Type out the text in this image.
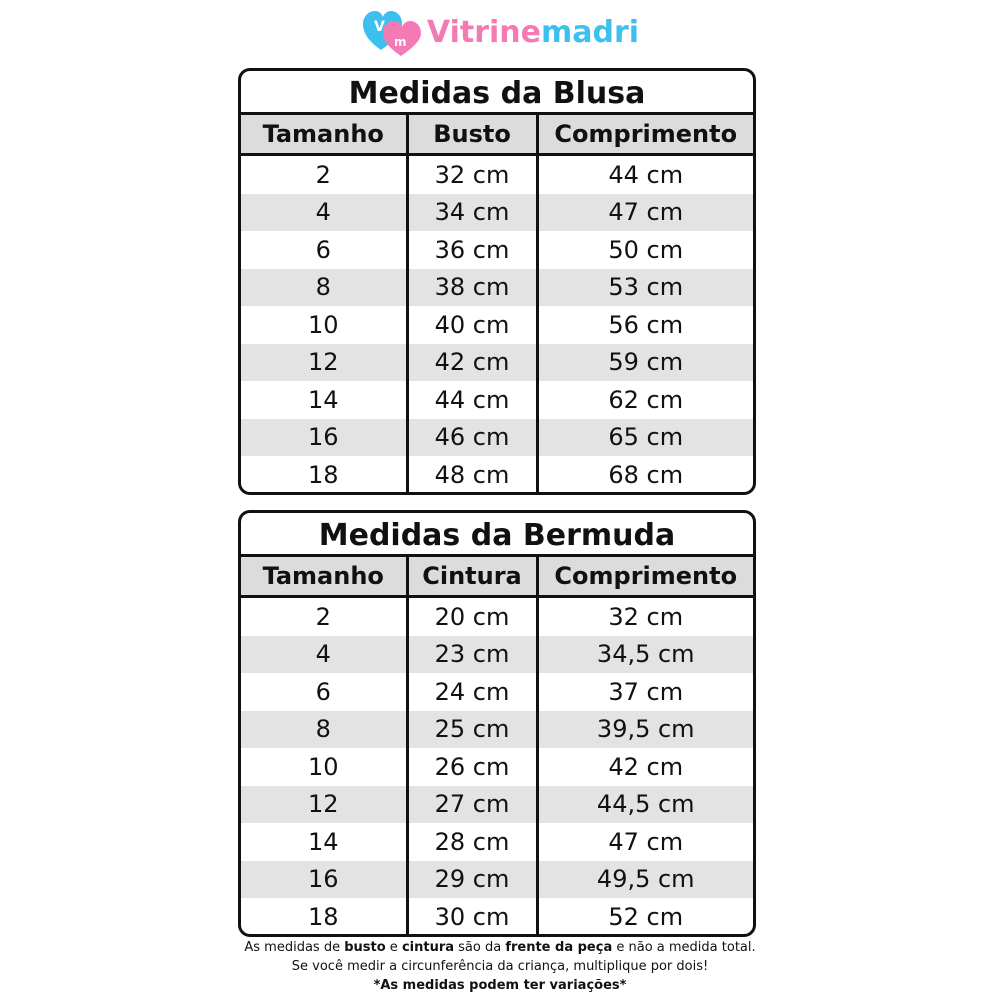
V
m Vitrinemadri
Medidas da Blusa
Tamanho	Busto	Comprimento
2	32 cm	44 cm
4	34 cm	47 cm
6	36 cm	50 cm
8	38 cm	53 cm
10	40 cm	56 cm
12	42 cm	59 cm
14	44 cm	62 cm
16	46 cm	65 cm
18	48 cm	68 cm
Medidas da Bermuda
Tamanho	Cintura	Comprimento
2	20 cm	32 cm
4	23 cm	34,5 cm
6	24 cm	37 cm
8	25 cm	39,5 cm
10	26 cm	42 cm
12	27 cm	44,5 cm
14	28 cm	47 cm
16	29 cm	49,5 cm
18	30 cm	52 cm
As medidas de busto e cintura são da frente da peça e não a medida total.
Se você medir a circunferência da criança, multiplique por dois!
*As medidas podem ter variações*
